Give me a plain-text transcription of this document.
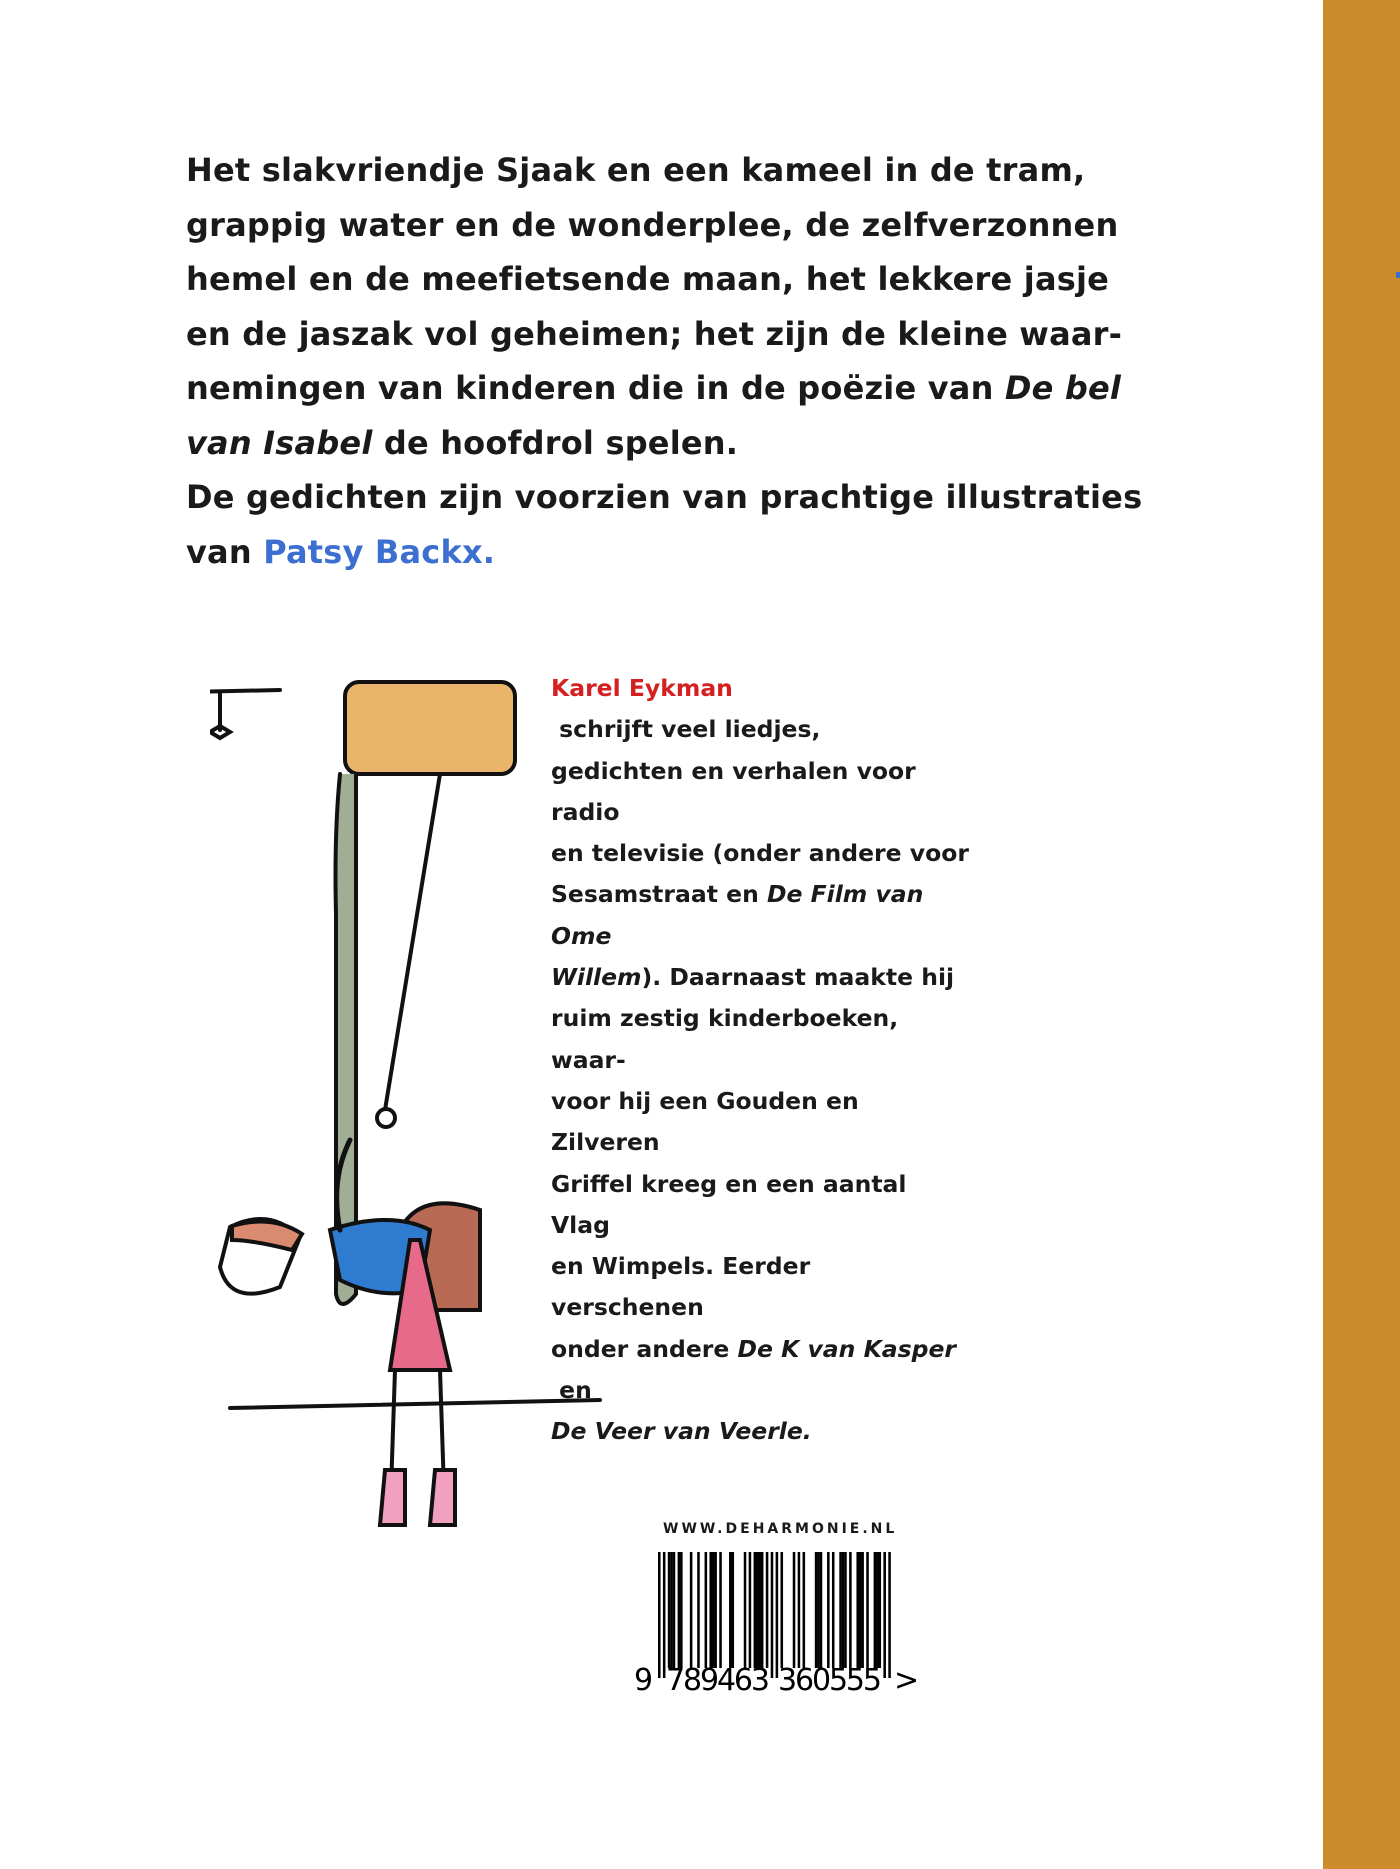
Het slakvriendje Sjaak en een kameel in de tram,

grappig water en de wonderplee, de zelfverzonnen

hemel en de meefietsende maan, het lekkere jasje

en de jaszak vol geheimen; het zijn de kleine waar-

nemingen van kinderen die in de poëzie van De bel

van Isabel de hoofdrol spelen.

De gedichten zijn voorzien van prachtige illustraties

van Patsy Backx.

Karel Eykman schrijft veel liedjes,
gedichten en verhalen voor radio
en televisie (onder andere voor
Sesamstraat en De Film van Ome
Willem). Daarnaast maakte hij
ruim zestig kinderboeken, waar-
voor hij een Gouden en Zilveren
Griffel kreeg en een aantal Vlag
en Wimpels. Eerder verschenen
onder andere De K van Kasper en
De Veer van Veerle.
WWW.DEHARMONIE.NL
9 789463 360555 >
